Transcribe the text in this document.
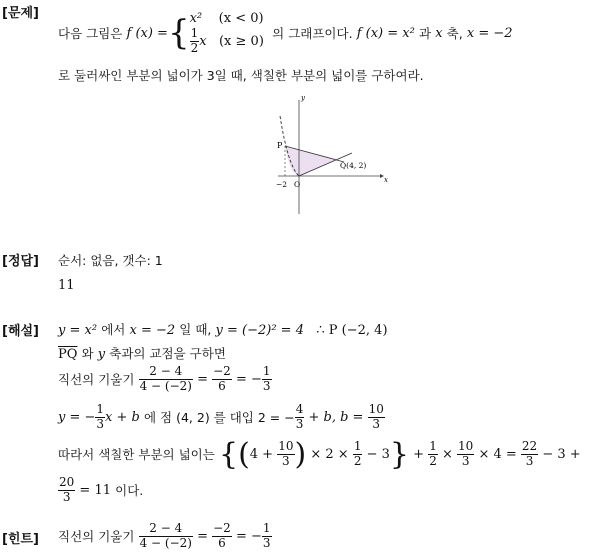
[문제]
다음 그림은
f (x) = { x² (x < 0)
$\frac{1}{2}$ x (x ≥ 0)

의 그래프이다.
f (x) = x²
과
x
축,
x = −2
로 둘러싸인 부분의 넓이가 3일 때, 색칠한 부분의 넓이를 구하여라.
y
x
P
Q(4, 2)
O
−2
[정답] 순서: 없음, 갯수: 1
11
[해설] y = x² 에서 x = −2 일 때, y = (−2)² = 4 ∴ P (−2, 4)
$\overline{PQ}$ 와 y 축과의 교점을 구하면
직선의 기울기
$\frac{2 - 4}{4 - (-2)} = \frac{-2}{6}$ = − $\frac{1}{3}$
y = − $\frac{1}{3}$ x + b
에 점 (4, 2) 를 대입 2 = − $\frac{4}{3}$
+ b, b =
$\frac{10}{3}$
따라서 색칠한 부분의 넓이는
{ ( 4 +
$\frac{10}{3}$ )
× 2 ×
$\frac{1}{2}$
− 3 }
+
$\frac{1}{2}$
×
$\frac{10}{3}$
× 4 =
$\frac{22}{3}$
− 3 +
$\frac{20}{3}$
= 11
이다.
[힌트] 직선의 기울기
$\frac{2 - 4}{4 - (-2)} = \frac{-2}{6}$ = − $\frac{1}{3}$
